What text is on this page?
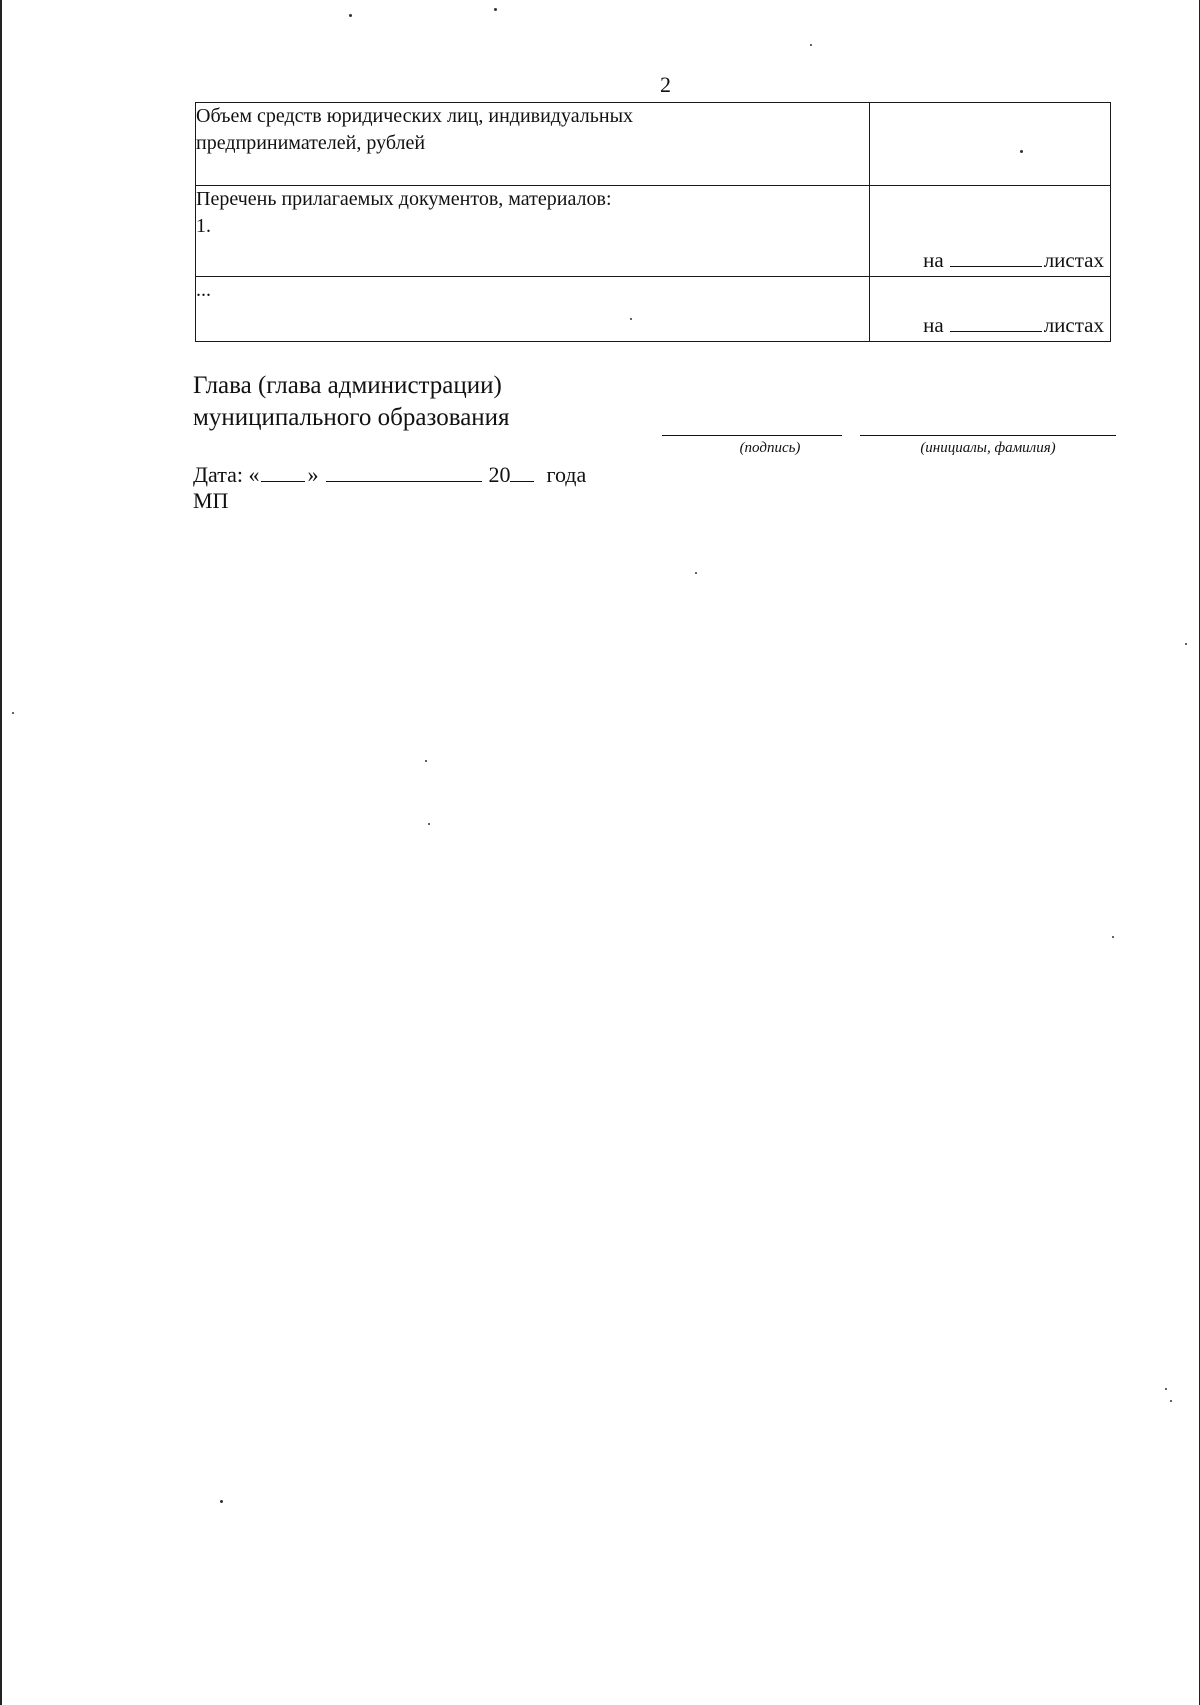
2
Объем средств юридических лиц, индивидуальных
предпринимателей, рублей	

Перечень прилагаемых документов, материалов:
1.	на листах

...	на листах
Глава (глава администрации)
муниципального образования
(подпись)	(инициалы, фамилия)
Дата: « »	20 года
МП
